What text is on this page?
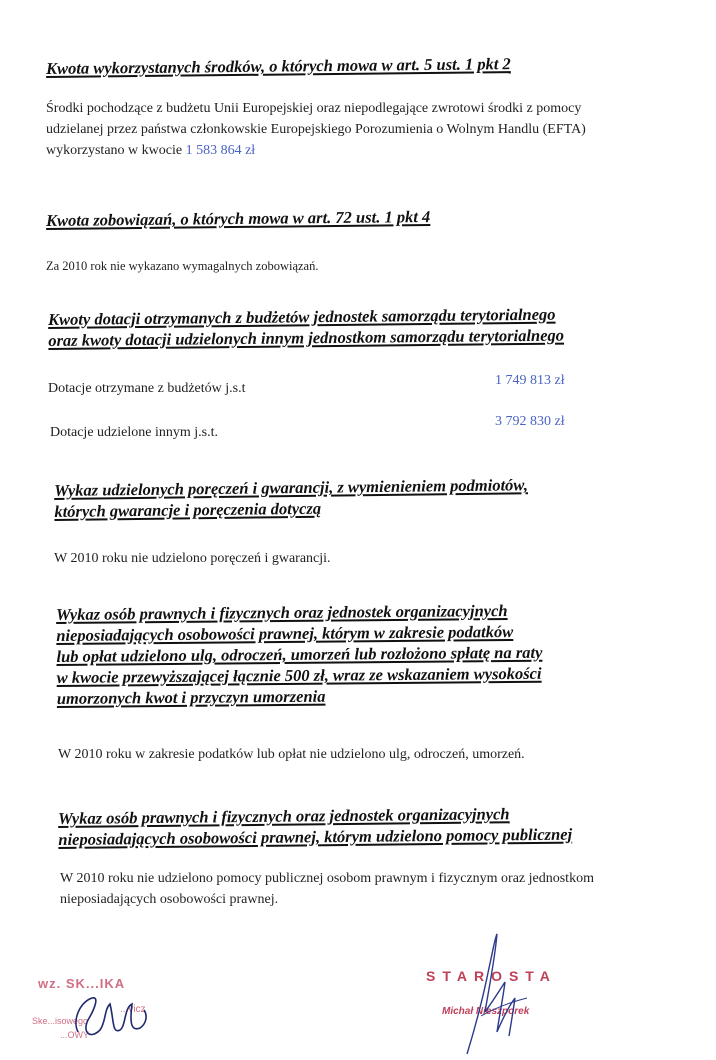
Kwota wykorzystanych środków, o których mowa w art. 5 ust. 1 pkt 2

Środki pochodzące z budżetu Unii Europejskiej oraz niepodlegające zwrotowi środki z pomocy
udzielanej przez państwa członkowskie Europejskiego Porozumienia o Wolnym Handlu (EFTA)
wykorzystano w kwocie 1 583 864 zł

Kwota zobowiązań, o których mowa w art. 72 ust. 1 pkt 4

Za 2010 rok nie wykazano wymagalnych zobowiązań.

Kwoty dotacji otrzymanych z budżetów jednostek samorządu terytorialnego
oraz kwoty dotacji udzielonych innym jednostkom samorządu terytorialnego
Dotacje otrzymane z budżetów j.s.t
1 749 813 zł
Dotacje udzielone innym j.s.t.
3 792 830 zł
Wykaz udzielonych poręczeń i gwarancji, z wymienieniem podmiotów,
których gwarancje i poręczenia dotyczą

W 2010 roku nie udzielono poręczeń i gwarancji.

Wykaz osób prawnych i fizycznych oraz jednostek organizacyjnych
nieposiadających osobowości prawnej, którym w zakresie podatków
lub opłat udzielono ulg, odroczeń, umorzeń lub rozłożono spłatę na raty
w kwocie przewyższającej łącznie 500 zł, wraz ze wskazaniem wysokości
umorzonych kwot i przyczyn umorzenia

W 2010 roku w zakresie podatków lub opłat nie udzielono ulg, odroczeń, umorzeń.

Wykaz osób prawnych i fizycznych oraz jednostek organizacyjnych
nieposiadających osobowości prawnej, którym udzielono pomocy publicznej

W 2010 roku nie udzielono pomocy publicznej osobom prawnym i fizycznym oraz jednostkom
nieposiadających osobowości prawnej.

wz. SK...IKA
...vicz
Ske...isowego
...OWY
STAROSTA
Michał Nieszporek
